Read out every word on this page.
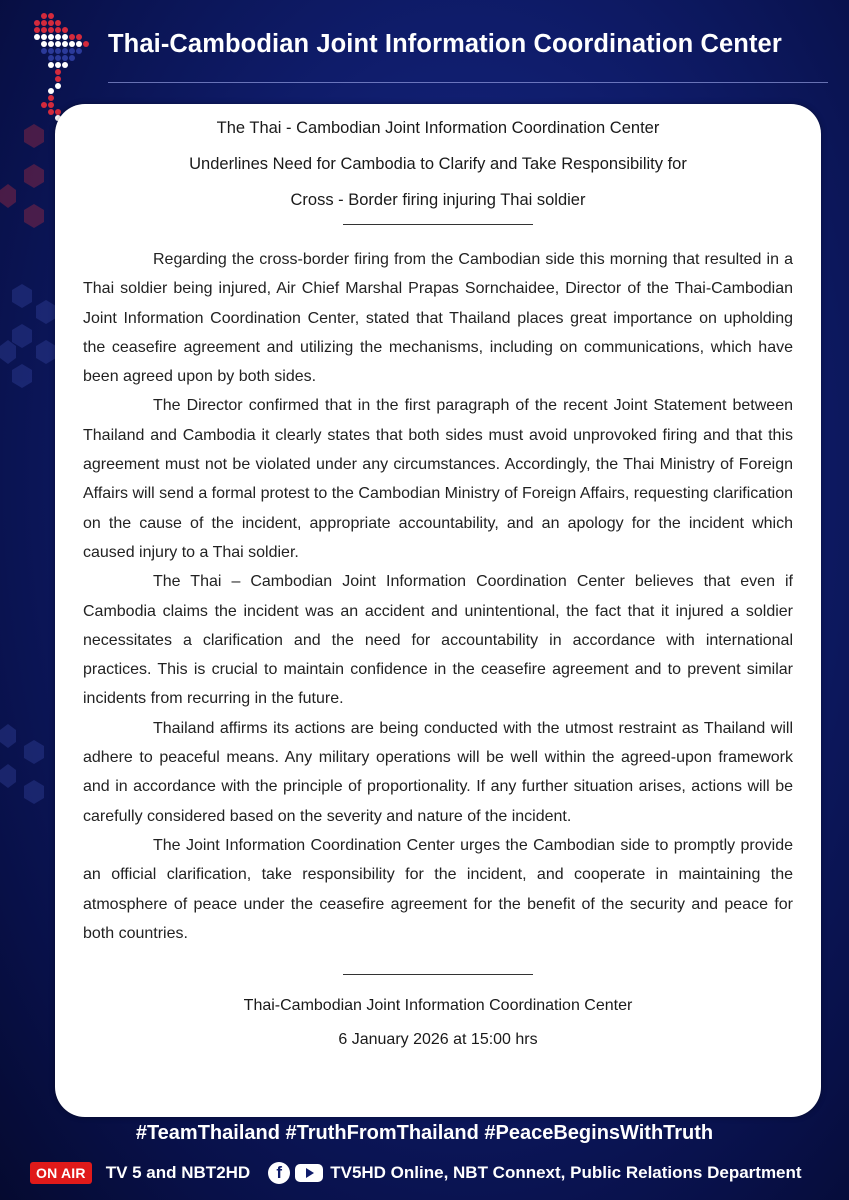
Thai-Cambodian Joint Information Coordination Center
The Thai - Cambodian Joint Information Coordination Center
Underlines Need for Cambodia to Clarify and Take Responsibility for
Cross - Border firing injuring Thai soldier

Regarding the cross-border firing from the Cambodian side this morning that resulted in a Thai soldier being injured, Air Chief Marshal Prapas Sornchaidee, Director of the Thai-Cambodian Joint Information Coordination Center, stated that Thailand places great importance on upholding the ceasefire agreement and utilizing the mechanisms, including on communications, which have been agreed upon by both sides.

The Director confirmed that in the first paragraph of the recent Joint Statement between Thailand and Cambodia it clearly states that both sides must avoid unprovoked firing and that this agreement must not be violated under any circumstances. Accordingly, the Thai Ministry of Foreign Affairs will send a formal protest to the Cambodian Ministry of Foreign Affairs, requesting clarification on the cause of the incident, appropriate accountability, and an apology for the incident which caused injury to a Thai soldier.

The Thai – Cambodian Joint Information Coordination Center believes that even if Cambodia claims the incident was an accident and unintentional, the fact that it injured a soldier necessitates a clarification and the need for accountability in accordance with international practices. This is crucial to maintain confidence in the ceasefire agreement and to prevent similar incidents from recurring in the future.

Thailand affirms its actions are being conducted with the utmost restraint as Thailand will adhere to peaceful means. Any military operations will be well within the agreed-upon framework and in accordance with the principle of proportionality. If any further situation arises, actions will be carefully considered based on the severity and nature of the incident.

The Joint Information Coordination Center urges the Cambodian side to promptly provide an official clarification, take responsibility for the incident, and cooperate in maintaining the atmosphere of peace under the ceasefire agreement for the benefit of the security and peace for both countries.

Thai-Cambodian Joint Information Coordination Center
6 January 2026 at 15:00 hrs
#TeamThailand #TruthFromThailand #PeaceBeginsWithTruth
ON AIR	TV 5 and NBT2HD	f	TV5HD Online, NBT Connext, Public Relations Department
